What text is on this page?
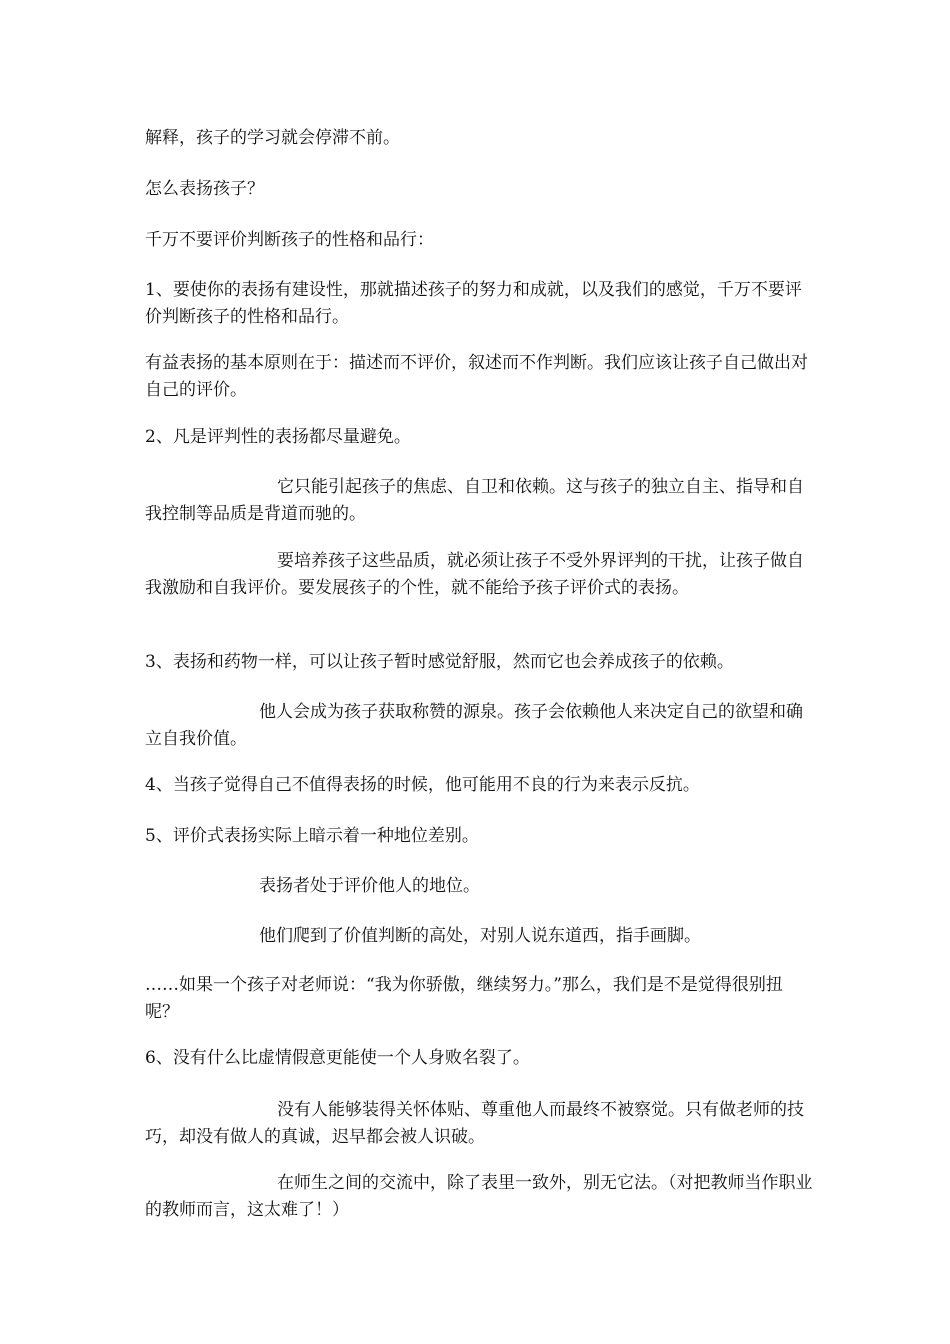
解释，孩子的学习就会停滞不前。

怎么表扬孩子？

千万不要评价判断孩子的性格和品行：

1、要使你的表扬有建设性，那就描述孩子的努力和成就，以及我们的感觉，千万不要评价判断孩子的性格和品行。

有益表扬的基本原则在于：描述而不评价，叙述而不作判断。我们应该让孩子自己做出对自己的评价。

2、凡是评判性的表扬都尽量避免。

它只能引起孩子的焦虑、自卫和依赖。这与孩子的独立自主、指导和自我控制等品质是背道而驰的。

要培养孩子这些品质，就必须让孩子不受外界评判的干扰，让孩子做自我激励和自我评价。要发展孩子的个性，就不能给予孩子评价式的表扬。

3、表扬和药物一样，可以让孩子暂时感觉舒服，然而它也会养成孩子的依赖。

他人会成为孩子获取称赞的源泉。孩子会依赖他人来决定自己的欲望和确立自我价值。

4、当孩子觉得自己不值得表扬的时候，他可能用不良的行为来表示反抗。

5、评价式表扬实际上暗示着一种地位差别。

表扬者处于评价他人的地位。

他们爬到了价值判断的高处，对别人说东道西，指手画脚。

……如果一个孩子对老师说：“我为你骄傲，继续努力。”那么，我们是不是觉得很别扭呢？

6、没有什么比虚情假意更能使一个人身败名裂了。

没有人能够装得关怀体贴、尊重他人而最终不被察觉。只有做老师的技巧，却没有做人的真诚，迟早都会被人识破。

在师生之间的交流中，除了表里一致外，别无它法。（对把教师当作职业的教师而言，这太难了！）
